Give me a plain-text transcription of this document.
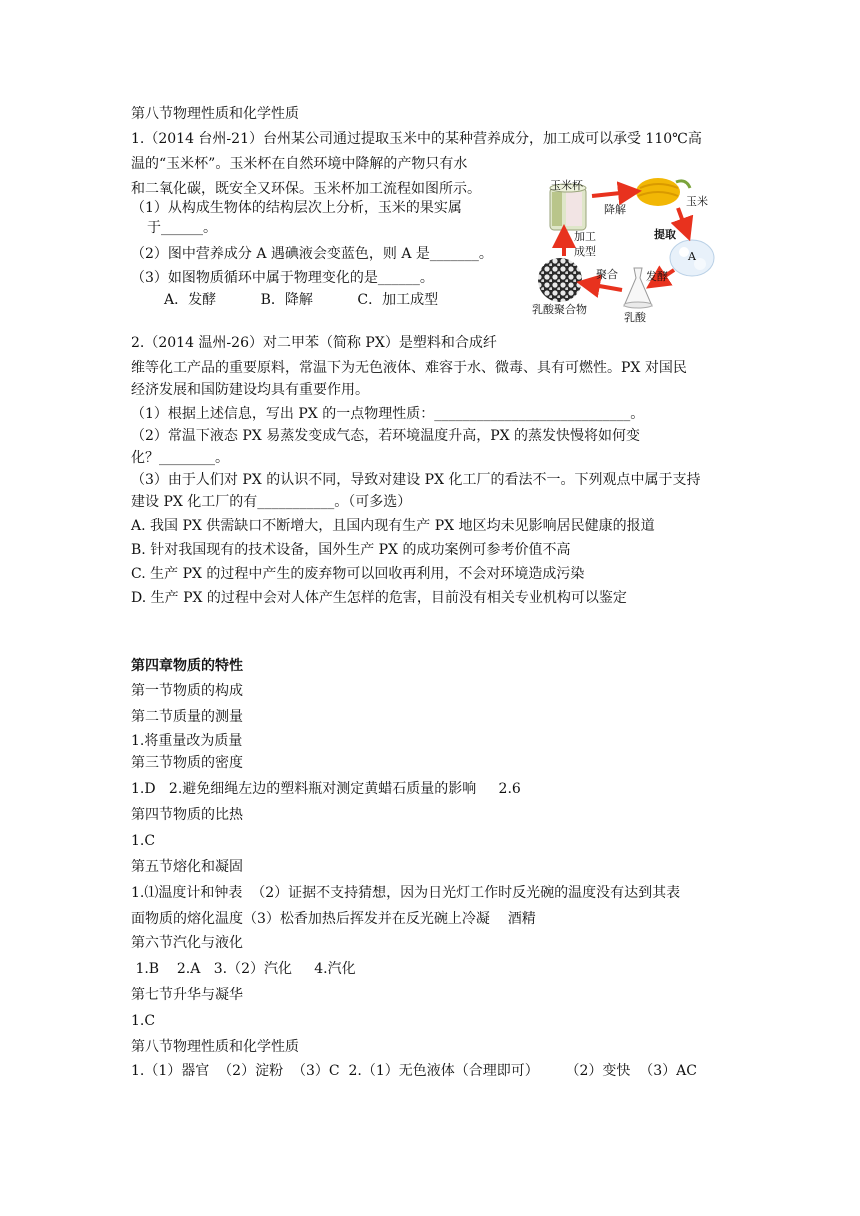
第八节物理性质和化学性质
1.（2014 台州-21）台州某公司通过提取玉米中的某种营养成分，加工成可以承受 110℃高
温的“玉米杯”。玉米杯在自然环境中降解的产物只有水
和二氧化碳，既安全又环保。玉米杯加工流程如图所示。
（1）从构成生物体的结构层次上分析，玉米的果实属
于______。
（2）图中营养成分 A 遇碘液会变蓝色，则 A 是_______。
（3）如图物质循环中属于物理变化的是______。
A．发酵          B．降解          C．加工成型
玉米杯
降解
玉米
提取
A
加工
成型
聚合	发酵
乳酸聚合物
乳酸
2.（2014 温州-26）对二甲苯（简称 PX）是塑料和合成纤
维等化工产品的重要原料，常温下为无色液体、难容于水、微毒、具有可燃性。PX 对国民
经济发展和国防建设均具有重要作用。
（1）根据上述信息，写出 PX 的一点物理性质：____________________________。
（2）常温下液态 PX 易蒸发变成气态，若环境温度升高，PX 的蒸发快慢将如何变
化？________。
（3）由于人们对 PX 的认识不同，导致对建设 PX 化工厂的看法不一。下列观点中属于支持
建设 PX 化工厂的有___________。（可多选）
A. 我国 PX 供需缺口不断增大，且国内现有生产 PX 地区均未见影响居民健康的报道
B. 针对我国现有的技术设备，国外生产 PX 的成功案例可参考价值不高
C. 生产 PX 的过程中产生的废弃物可以回收再利用，不会对环境造成污染
D. 生产 PX 的过程中会对人体产生怎样的危害，目前没有相关专业机构可以鉴定
第四章物质的特性
第一节物质的构成
第二节质量的测量
1.将重量改为质量
第三节物质的密度
1.D   2.避免细绳左边的塑料瓶对测定黄蜡石质量的影响     2.6
第四节物质的比热
1.C
第五节熔化和凝固
1.⑴温度计和钟表  （2）证据不支持猜想，因为日光灯工作时反光碗的温度没有达到其表
面物质的熔化温度（3）松香加热后挥发并在反光碗上冷凝    酒精
第六节汽化与液化
1.B    2.A   3.（2）汽化     4.汽化
第七节升华与凝华
1.C
第八节物理性质和化学性质
1.（1）器官  （2）淀粉  （3）C  2.（1）无色液体（合理即可）      （2）变快  （3）AC
